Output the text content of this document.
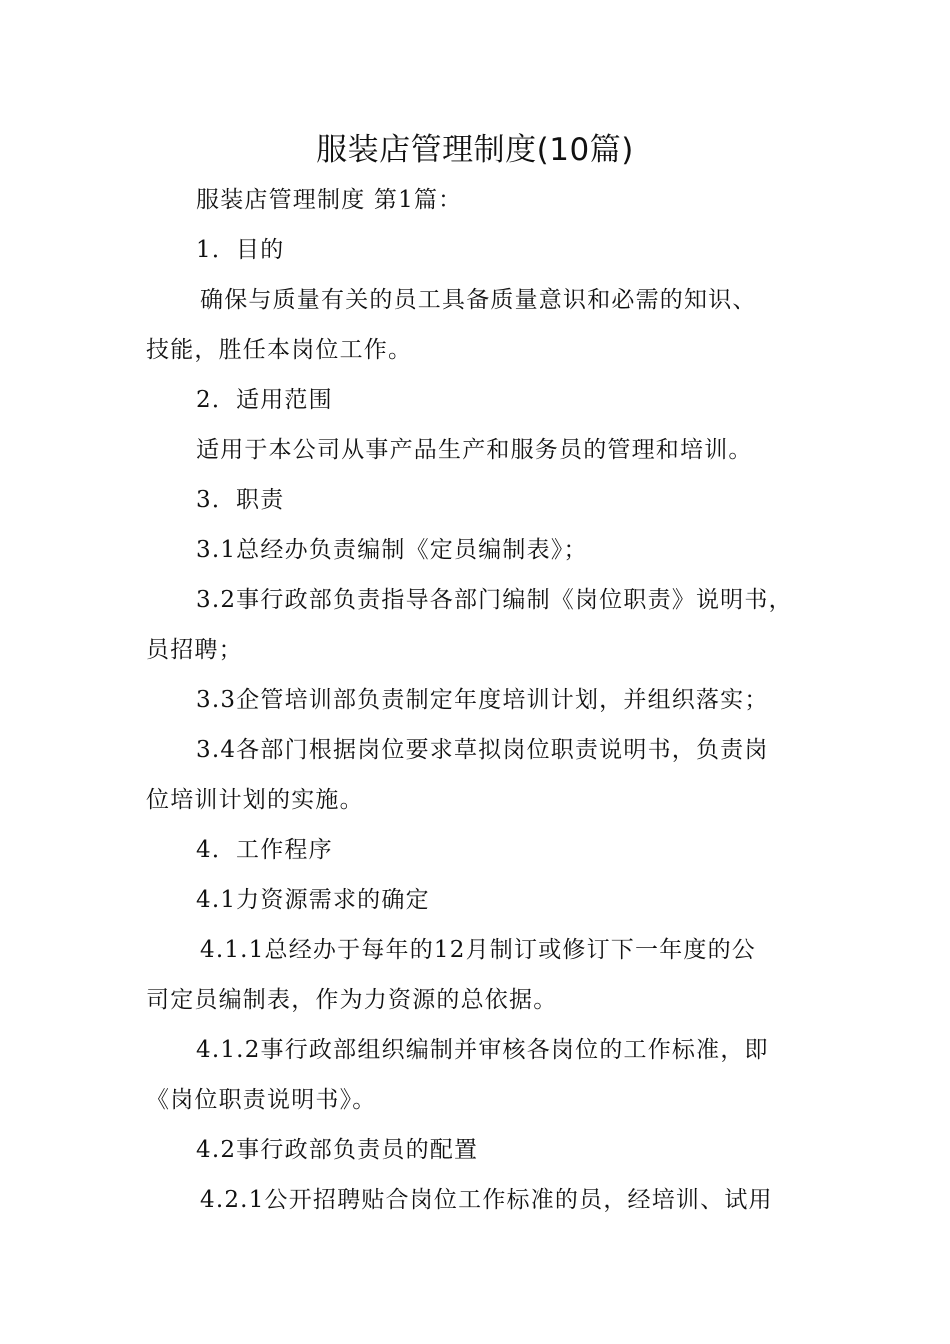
服装店管理制度(10篇)

服装店管理制度 第1篇：

1．目的

确保与质量有关的员工具备质量意识和必需的知识、

技能，胜任本岗位工作。

2．适用范围

适用于本公司从事产品生产和服务员的管理和培训。

3．职责

3.1总经办负责编制《定员编制表》；

3.2事行政部负责指导各部门编制《岗位职责》说明书，

员招聘；

3.3企管培训部负责制定年度培训计划，并组织落实；

3.4各部门根据岗位要求草拟岗位职责说明书，负责岗

位培训计划的实施。

4．工作程序

4.1力资源需求的确定

4.1.1总经办于每年的12月制订或修订下一年度的公

司定员编制表，作为力资源的总依据。

4.1.2事行政部组织编制并审核各岗位的工作标准，即

《岗位职责说明书》。

4.2事行政部负责员的配置

4.2.1公开招聘贴合岗位工作标准的员，经培训、试用
